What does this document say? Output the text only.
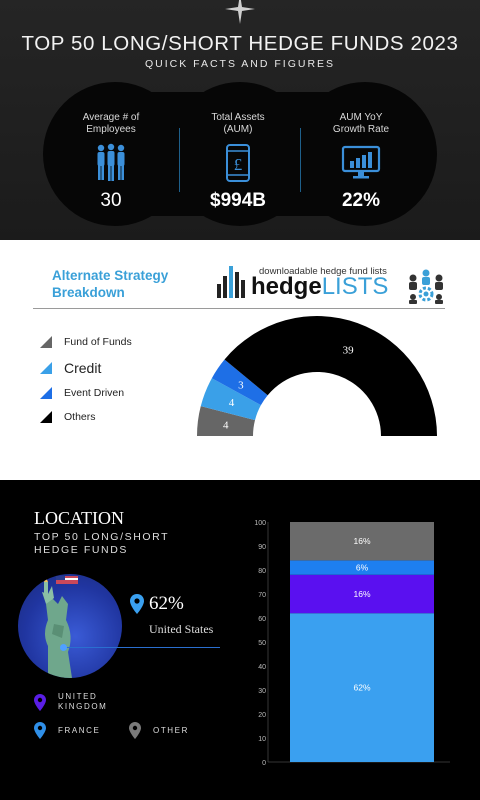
TOP 50 LONG/SHORT HEDGE FUNDS 2023
QUICK FACTS AND FIGURES
Average # of
Employees
30
Total Assets
(AUM)
£
$994B
AUM YoY
Growth Rate
22%
Alternate Strategy
Breakdown
downloadable hedge fund lists
hedgeLISTS
Fund of Funds
Credit
Event Driven
Others
4
4
3
39
LOCATION
TOP 50 LONG/SHORT
HEDGE FUNDS
62%
United States
UNITED
KINGDOM
FRANCE	OTHER
0
10
20
30
40
50
60
70
80
90
100
62%
16%
6%
16%
